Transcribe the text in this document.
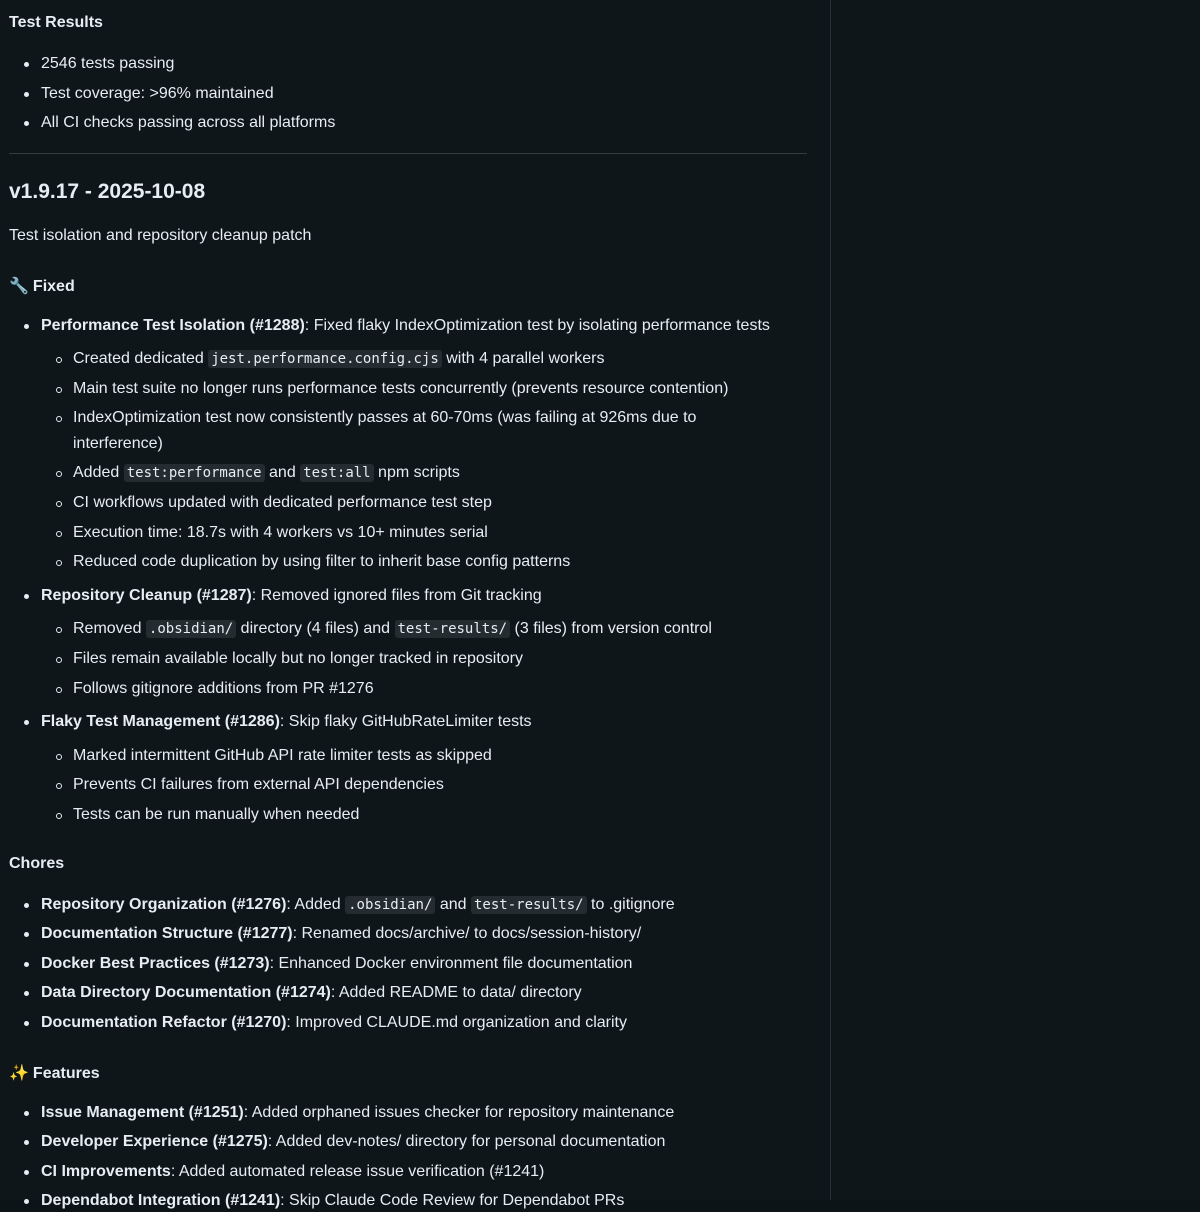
Test Results
2546 tests passing
Test coverage: >96% maintained
All CI checks passing across all platforms
v1.9.17 - 2025-10-08

Test isolation and repository cleanup patch

🔧 Fixed
Performance Test Isolation (#1288): Fixed flaky IndexOptimization test by isolating performance tests
Created dedicated jest.performance.config.cjs with 4 parallel workers
Main test suite no longer runs performance tests concurrently (prevents resource contention)
IndexOptimization test now consistently passes at 60-70ms (was failing at 926ms due to interference)
Added test:performance and test:all npm scripts
CI workflows updated with dedicated performance test step
Execution time: 18.7s with 4 workers vs 10+ minutes serial
Reduced code duplication by using filter to inherit base config patterns
Repository Cleanup (#1287): Removed ignored files from Git tracking
Removed .obsidian/ directory (4 files) and test-results/ (3 files) from version control
Files remain available locally but no longer tracked in repository
Follows gitignore additions from PR #1276
Flaky Test Management (#1286): Skip flaky GitHubRateLimiter tests
Marked intermittent GitHub API rate limiter tests as skipped
Prevents CI failures from external API dependencies
Tests can be run manually when needed
Chores
Repository Organization (#1276): Added .obsidian/ and test-results/ to .gitignore
Documentation Structure (#1277): Renamed docs/archive/ to docs/session-history/
Docker Best Practices (#1273): Enhanced Docker environment file documentation
Data Directory Documentation (#1274): Added README to data/ directory
Documentation Refactor (#1270): Improved CLAUDE.md organization and clarity
✨ Features
Issue Management (#1251): Added orphaned issues checker for repository maintenance
Developer Experience (#1275): Added dev-notes/ directory for personal documentation
CI Improvements: Added automated release issue verification (#1241)
Dependabot Integration (#1241): Skip Claude Code Review for Dependabot PRs
